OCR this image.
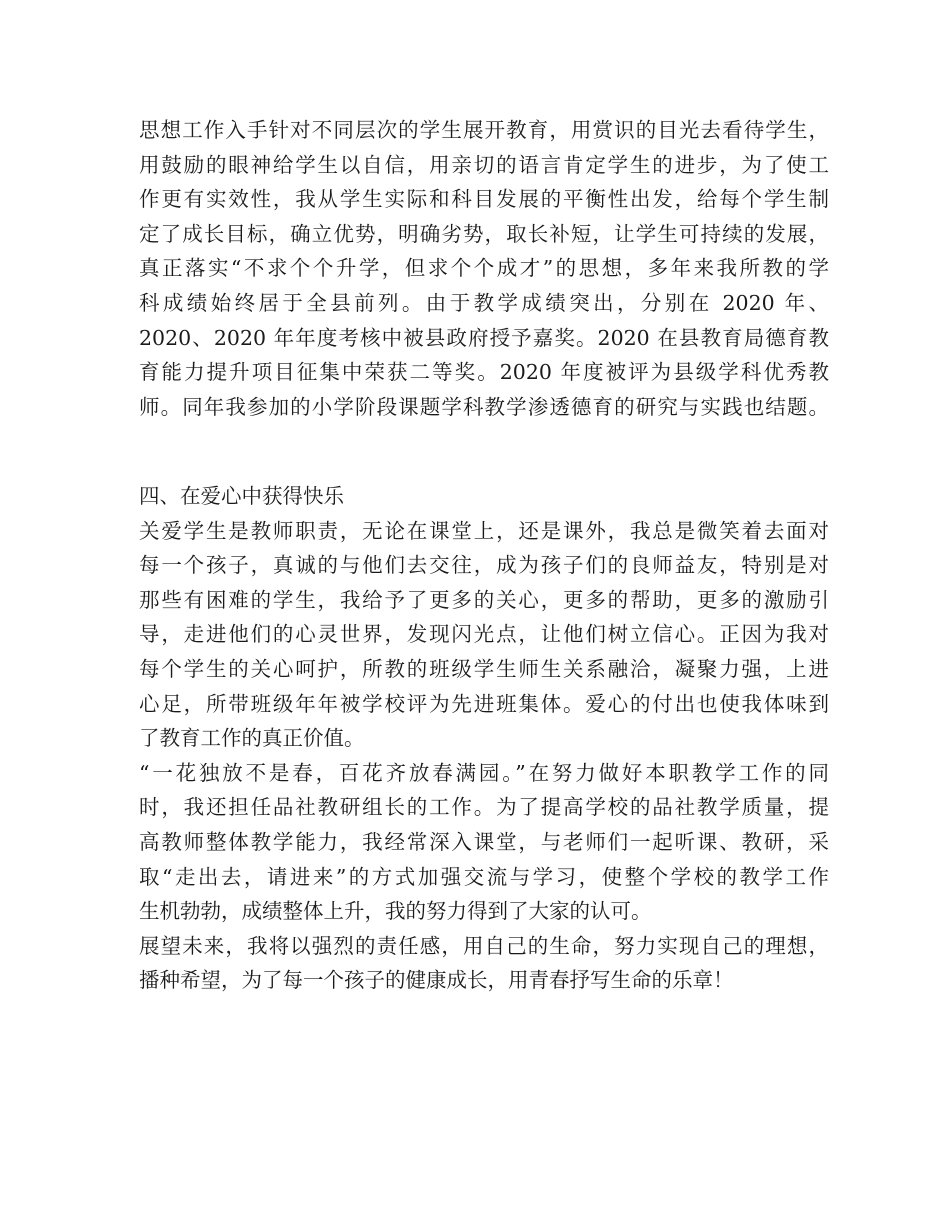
思想工作入手针对不同层次的学生展开教育，用赏识的目光去看待学生，
用鼓励的眼神给学生以自信，用亲切的语言肯定学生的进步，为了使工
作更有实效性，我从学生实际和科目发展的平衡性出发，给每个学生制
定了成长目标，确立优势，明确劣势，取长补短，让学生可持续的发展，
真正落实“不求个个升学，但求个个成才”的思想，多年来我所教的学
科成绩始终居于全县前列。由于教学成绩突出，分别在 2020 年、
2020、2020 年年度考核中被县政府授予嘉奖。2020 在县教育局德育教
育能力提升项目征集中荣获二等奖。2020 年度被评为县级学科优秀教
师。同年我参加的小学阶段课题学科教学渗透德育的研究与实践也结题。
四、在爱心中获得快乐
关爱学生是教师职责，无论在课堂上，还是课外，我总是微笑着去面对
每一个孩子，真诚的与他们去交往，成为孩子们的良师益友，特别是对
那些有困难的学生，我给予了更多的关心，更多的帮助，更多的激励引
导，走进他们的心灵世界，发现闪光点，让他们树立信心。正因为我对
每个学生的关心呵护，所教的班级学生师生关系融洽，凝聚力强，上进
心足，所带班级年年被学校评为先进班集体。爱心的付出也使我体味到
了教育工作的真正价值。
“一花独放不是春，百花齐放春满园。”在努力做好本职教学工作的同
时，我还担任品社教研组长的工作。为了提高学校的品社教学质量，提
高教师整体教学能力，我经常深入课堂，与老师们一起听课、教研，采
取“走出去，请进来”的方式加强交流与学习，使整个学校的教学工作
生机勃勃，成绩整体上升，我的努力得到了大家的认可。
展望未来，我将以强烈的责任感，用自己的生命，努力实现自己的理想，
播种希望，为了每一个孩子的健康成长，用青春抒写生命的乐章！
